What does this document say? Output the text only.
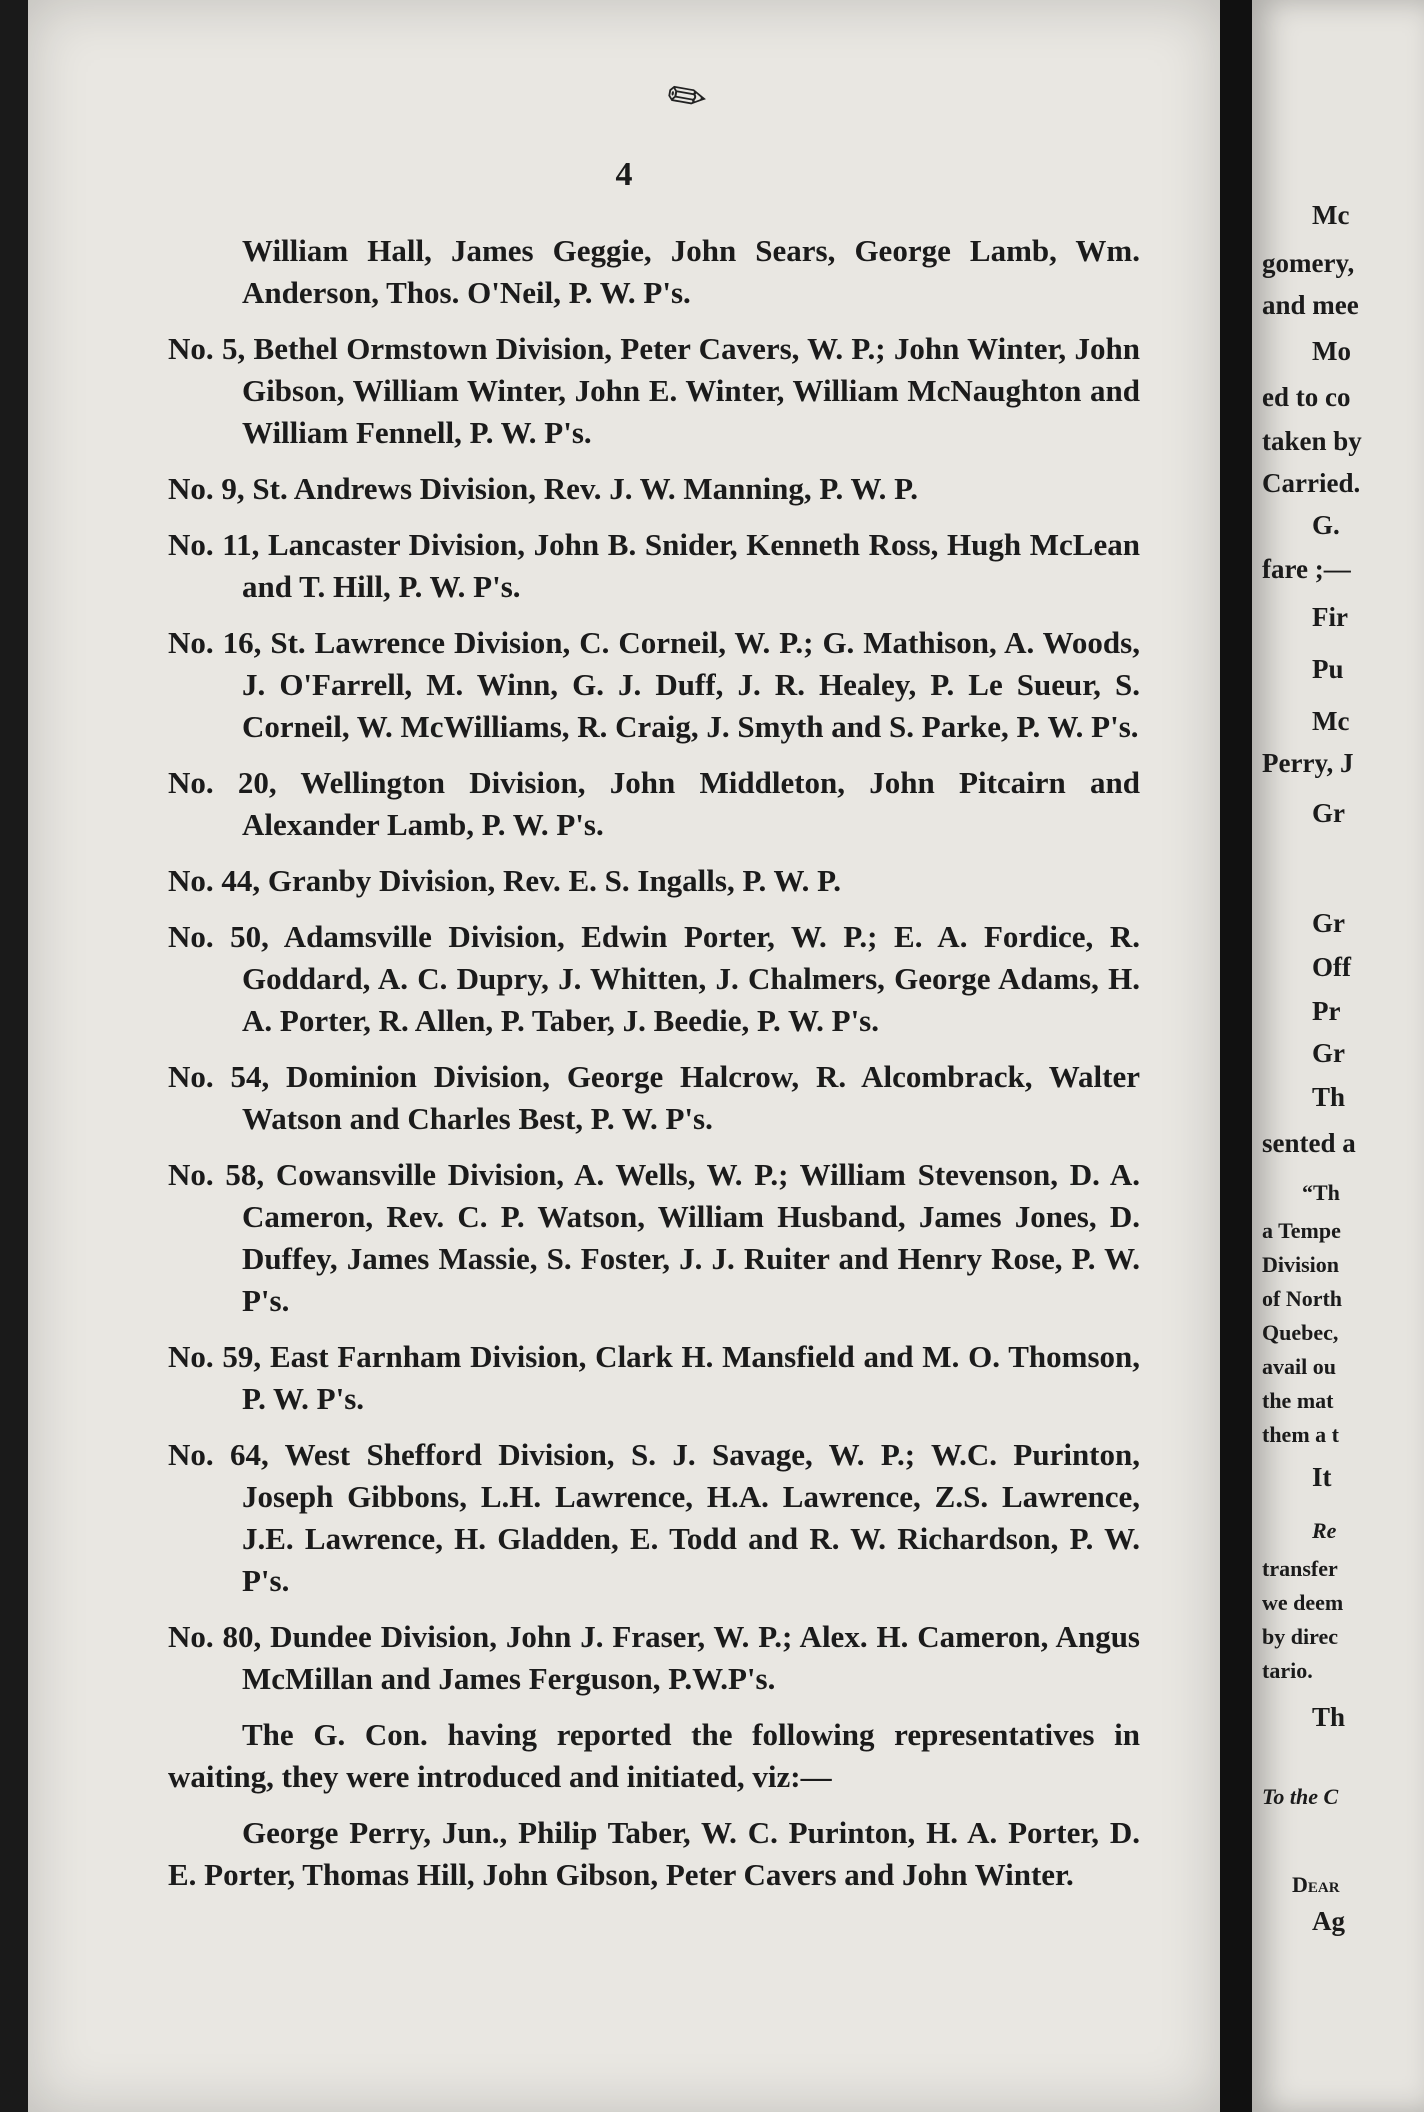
✎
4

William Hall, James Geggie, John Sears, George Lamb, Wm. Anderson, Thos. O'Neil, P. W. P's.

No. 5, Bethel Ormstown Division, Peter Cavers, W. P.; John Winter, John Gibson, William Winter, John E. Winter, William McNaughton and William Fennell, P. W. P's.

No. 9, St. Andrews Division, Rev. J. W. Manning, P. W. P.

No. 11, Lancaster Division, John B. Snider, Kenneth Ross, Hugh McLean and T. Hill, P. W. P's.

No. 16, St. Lawrence Division, C. Corneil, W. P.; G. Mathison, A. Woods, J. O'Farrell, M. Winn, G. J. Duff, J. R. Healey, P. Le Sueur, S. Corneil, W. McWilliams, R. Craig, J. Smyth and S. Parke, P. W. P's.

No. 20, Wellington Division, John Middleton, John Pitcairn and Alexander Lamb, P. W. P's.

No. 44, Granby Division, Rev. E. S. Ingalls, P. W. P.

No. 50, Adamsville Division, Edwin Porter, W. P.; E. A. Fordice, R. Goddard, A. C. Dupry, J. Whitten, J. Chalmers, George Adams, H. A. Porter, R. Allen, P. Taber, J. Beedie, P. W. P's.

No. 54, Dominion Division, George Halcrow, R. Alcombrack, Walter Watson and Charles Best, P. W. P's.

No. 58, Cowansville Division, A. Wells, W. P.; William Stevenson, D. A. Cameron, Rev. C. P. Watson, William Husband, James Jones, D. Duffey, James Massie, S. Foster, J. J. Ruiter and Henry Rose, P. W. P's.

No. 59, East Farnham Division, Clark H. Mansfield and M. O. Thomson, P. W. P's.

No. 64, West Shefford Division, S. J. Savage, W. P.; W.C. Purinton, Joseph Gibbons, L.H. Lawrence, H.A. Lawrence, Z.S. Lawrence, J.E. Lawrence, H. Gladden, E. Todd and R. W. Richardson, P. W. P's.

No. 80, Dundee Division, John J. Fraser, W. P.; Alex. H. Cameron, Angus McMillan and James Ferguson, P.W.P's.

The G. Con. having reported the following representatives in waiting, they were introduced and initiated, viz:—

George Perry, Jun., Philip Taber, W. C. Purinton, H. A. Porter, D. E. Porter, Thomas Hill, John Gibson, Peter Cavers and John Winter.

Mc
gomery,
and mee
Mo
ed to co
taken by
Carried.
G.
fare ;—
Fir
Pu
Mc
Perry, J
Gr
Gr
Off
Pr
Gr
Th
sented a
“Th
a Tempe
Division
of North
Quebec,
avail ou
the mat
them a t
It
Re
transfer
we deem
by direc
tario.
Th
To the C
Dear
Ag
